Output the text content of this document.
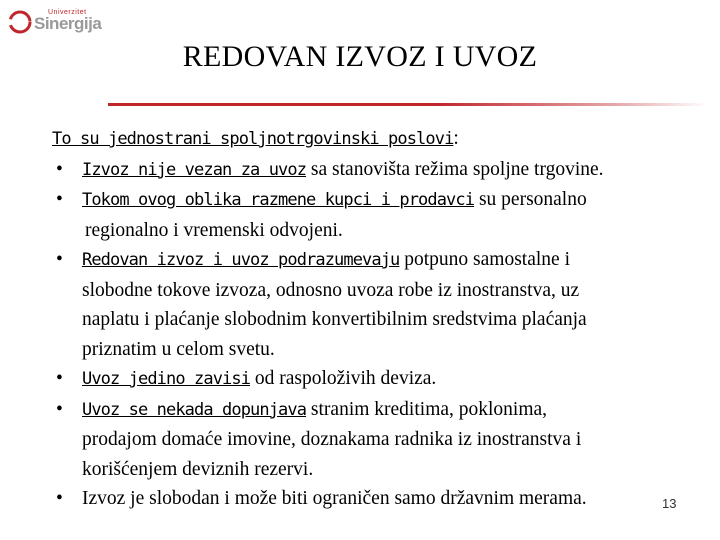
Univerzitet
Sinergija
REDOVAN IZVOZ I UVOZ
To su jednostrani spoljnotrgovinski poslovi:
• Izvoz nije vezan za uvoz sa stanovišta režima spoljne trgovine.
• Tokom ovog oblika razmene kupci i prodavci su personalno
regionalno i vremenski odvojeni.
• Redovan izvoz i uvoz podrazumevaju potpuno samostalne i
slobodne tokove izvoza, odnosno uvoza robe iz inostranstva, uz
naplatu i plaćanje slobodnim konvertibilnim sredstvima plaćanja
priznatim u celom svetu.
• Uvoz jedino zavisi od raspoloživih deviza.
• Uvoz se nekada dopunjava stranim kreditima, poklonima,
prodajom domaće imovine, doznakama radnika iz inostranstva i
korišćenjem deviznih rezervi.
• Izvoz je slobodan i može biti ograničen samo državnim merama.	13
